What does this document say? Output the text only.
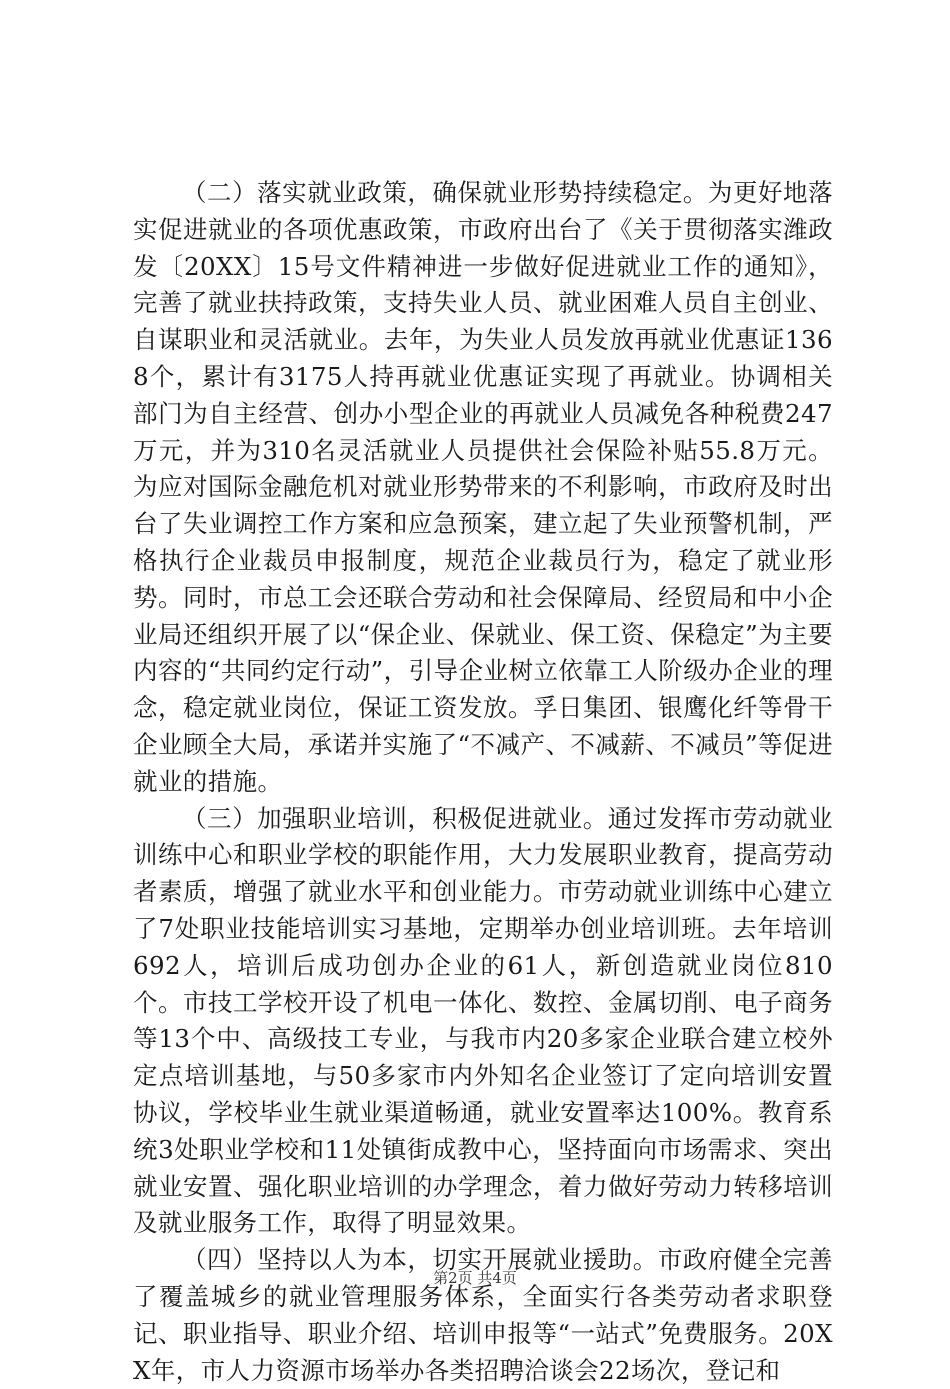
（二）落实就业政策，确保就业形势持续稳定。为更好地落实促进就业的各项优惠政策，市政府出台了《关于贯彻落实潍政发〔20XX〕15号文件精神进一步做好促进就业工作的通知》，完善了就业扶持政策，支持失业人员、就业困难人员自主创业、自谋职业和灵活就业。去年，为失业人员发放再就业优惠证1368个，累计有3175人持再就业优惠证实现了再就业。协调相关部门为自主经营、创办小型企业的再就业人员减免各种税费247万元，并为310名灵活就业人员提供社会保险补贴55.8万元。为应对国际金融危机对就业形势带来的不利影响，市政府及时出台了失业调控工作方案和应急预案，建立起了失业预警机制，严格执行企业裁员申报制度，规范企业裁员行为，稳定了就业形势。同时，市总工会还联合劳动和社会保障局、经贸局和中小企业局还组织开展了以“保企业、保就业、保工资、保稳定”为主要内容的“共同约定行动”，引导企业树立依靠工人阶级办企业的理念，稳定就业岗位，保证工资发放。孚日集团、银鹰化纤等骨干企业顾全大局，承诺并实施了“不减产、不减薪、不减员”等促进就业的措施。

（三）加强职业培训，积极促进就业。通过发挥市劳动就业训练中心和职业学校的职能作用，大力发展职业教育，提高劳动者素质，增强了就业水平和创业能力。市劳动就业训练中心建立了7处职业技能培训实习基地，定期举办创业培训班。去年培训692人，培训后成功创办企业的61人，新创造就业岗位810个。市技工学校开设了机电一体化、数控、金属切削、电子商务等13个中、高级技工专业，与我市内20多家企业联合建立校外定点培训基地，与50多家市内外知名企业签订了定向培训安置协议，学校毕业生就业渠道畅通，就业安置率达100%。教育系统3处职业学校和11处镇街成教中心，坚持面向市场需求、突出就业安置、强化职业培训的办学理念，着力做好劳动力转移培训及就业服务工作，取得了明显效果。

（四）坚持以人为本，切实开展就业援助。市政府健全完善了覆盖城乡的就业管理服务体系，全面实行各类劳动者求职登记、职业指导、职业介绍、培训申报等“一站式”免费服务。20XX年，市人力资源市场举办各类招聘洽谈会22场次，登记和

第2页 共4页
